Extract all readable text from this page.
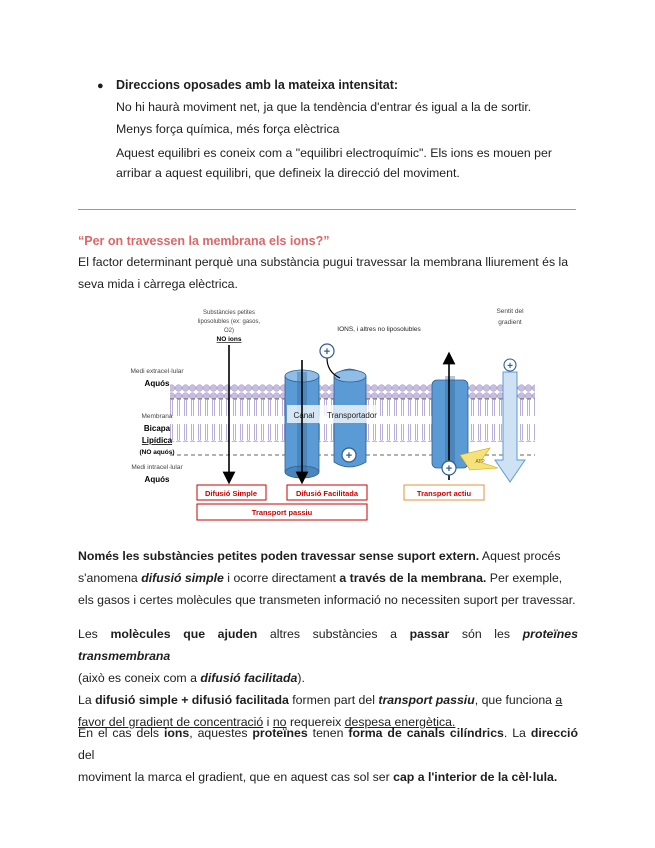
● Direccions oposades amb la mateixa intensitat:
No hi haurà moviment net, ja que la tendència d'entrar és igual a la de sortir.
Menys força química, més força elèctrica
Aquest equilibri es coneix com a "equilibri electroquímic". Els ions es mouen per
arribar a aquest equilibri, que defineix la direcció del moviment.
“Per on travessen la membrana els ions?”
El factor determinant perquè una substància pugui travessar la membrana lliurement és la
seva mida i càrrega elèctrica.
Medi extracel·lular
Aquós
Membrana
Bicapa
Lipídica
(NO aquós)
Medi intracel·lular
Aquós
Substàncies petites
liposolubles (ex: gasos,
O2)
NO ions
IONS, i altres no liposolubles
Sentit del
gradient
Canal Transportador
+
+	ATP
+
+
Difusió Simple	Difusió Facilitada
Transport passiu
Transport actiu
Només les substàncies petites poden travessar sense suport extern. Aquest procés
s'anomena difusió simple i ocorre directament a través de la membrana. Per exemple,
els gasos i certes molècules que transmeten informació no necessiten suport per travessar.
Les molècules que ajuden altres substàncies a passar són les proteïnes transmembrana
(això es coneix com a difusió facilitada).
La difusió simple + difusió facilitada formen part del transport passiu, que funciona a
favor del gradient de concentració i no requereix despesa energètica.
En el cas dels ions, aquestes proteïnes tenen forma de canals cilíndrics. La direcció del
moviment la marca el gradient, que en aquest cas sol ser cap a l'interior de la cèl·lula.
